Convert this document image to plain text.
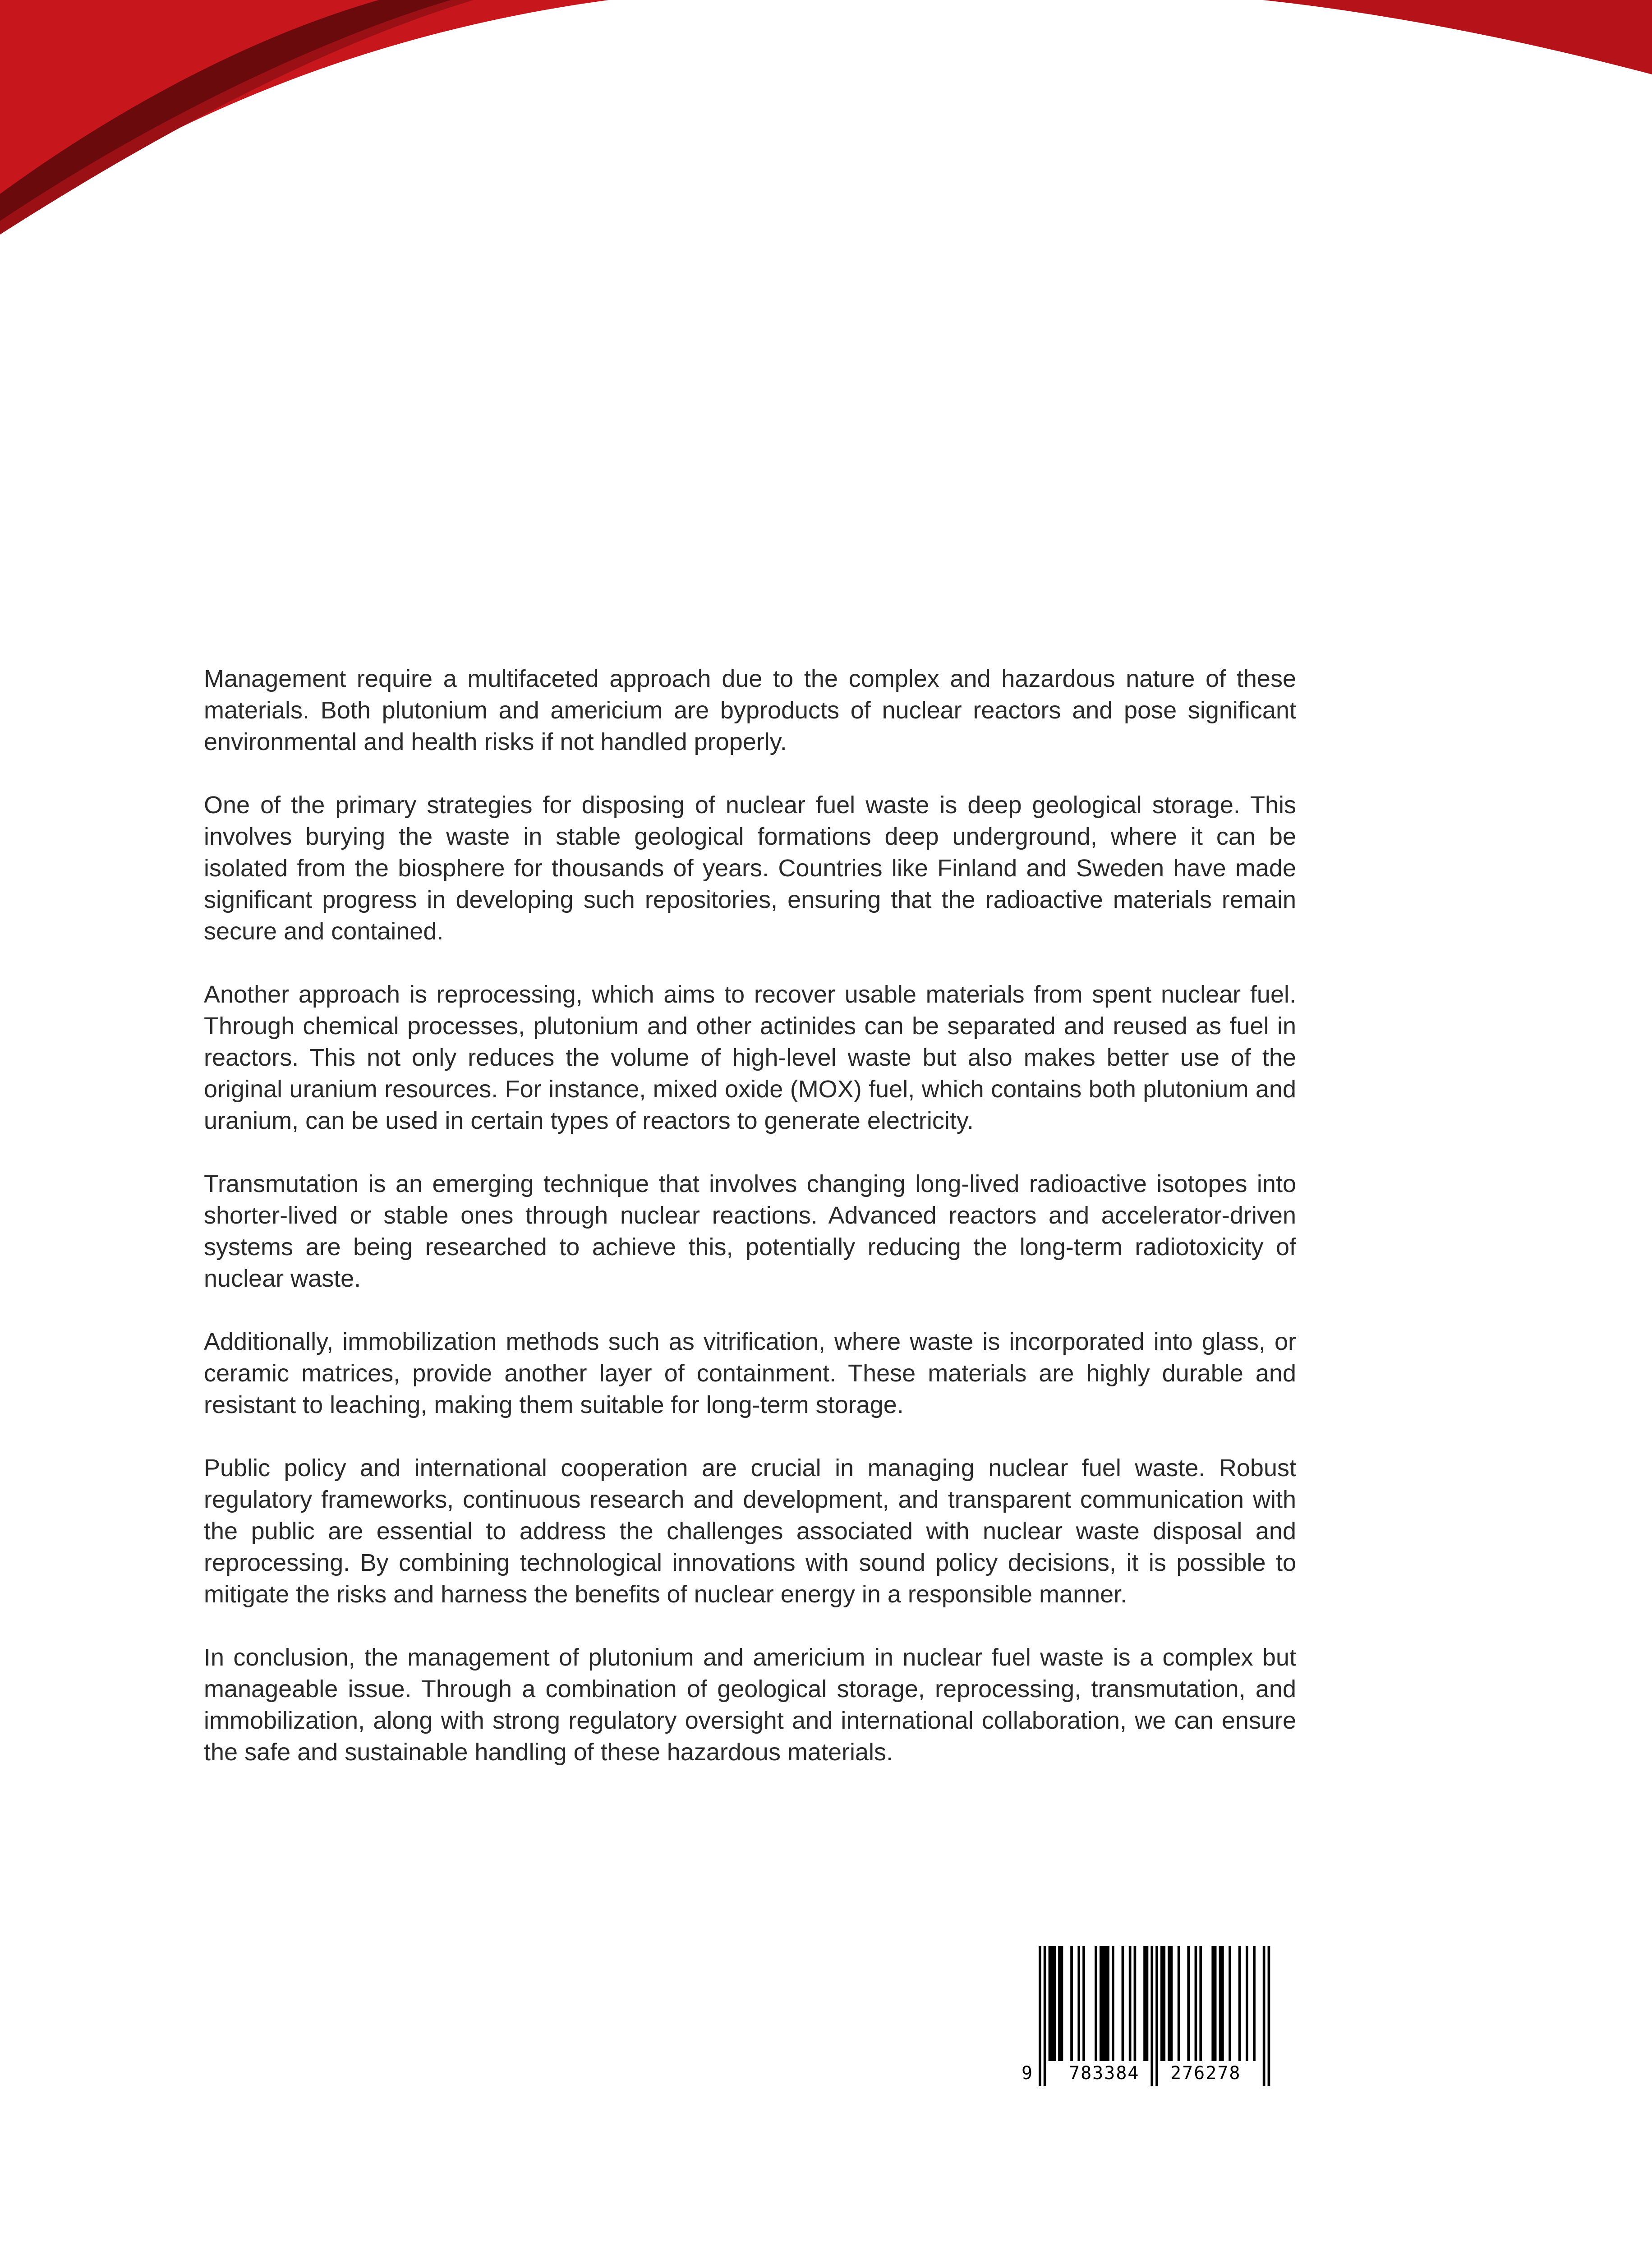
Management require a multifaceted approach due to the complex and hazardous nature of these materials. Both plutonium and americium are byproducts of nuclear reactors and pose significant environmental and health risks if not handled properly.

One of the primary strategies for disposing of nuclear fuel waste is deep geological storage. This involves burying the waste in stable geological formations deep underground, where it can be isolated from the biosphere for thousands of years. Countries like Finland and Sweden have made significant progress in developing such repositories, ensuring that the radioactive materials remain secure and contained.

Another approach is reprocessing, which aims to recover usable materials from spent nuclear fuel. Through chemical processes, plutonium and other actinides can be separated and reused as fuel in reactors. This not only reduces the volume of high-level waste but also makes better use of the original uranium resources. For instance, mixed oxide (MOX) fuel, which contains both plutonium and uranium, can be used in certain types of reactors to generate electricity.

Transmutation is an emerging technique that involves changing long-lived radioactive isotopes into shorter-lived or stable ones through nuclear reactions. Advanced reactors and accelerator-driven systems are being researched to achieve this, potentially reducing the long-term radiotoxicity of nuclear waste.

Additionally, immobilization methods such as vitrification, where waste is incorporated into glass, or ceramic matrices, provide another layer of containment. These materials are highly durable and resistant to leaching, making them suitable for long-term storage.

Public policy and international cooperation are crucial in managing nuclear fuel waste. Robust regulatory frameworks, continuous research and development, and transparent communication with the public are essential to address the challenges associated with nuclear waste disposal and reprocessing. By combining technological innovations with sound policy decisions, it is possible to mitigate the risks and harness the benefits of nuclear energy in a responsible manner.

In conclusion, the management of plutonium and americium in nuclear fuel waste is a complex but manageable issue. Through a combination of geological storage, reprocessing, transmutation, and immobilization, along with strong regulatory oversight and international collaboration, we can ensure the safe and sustainable handling of these hazardous materials.

9 783384 276278
